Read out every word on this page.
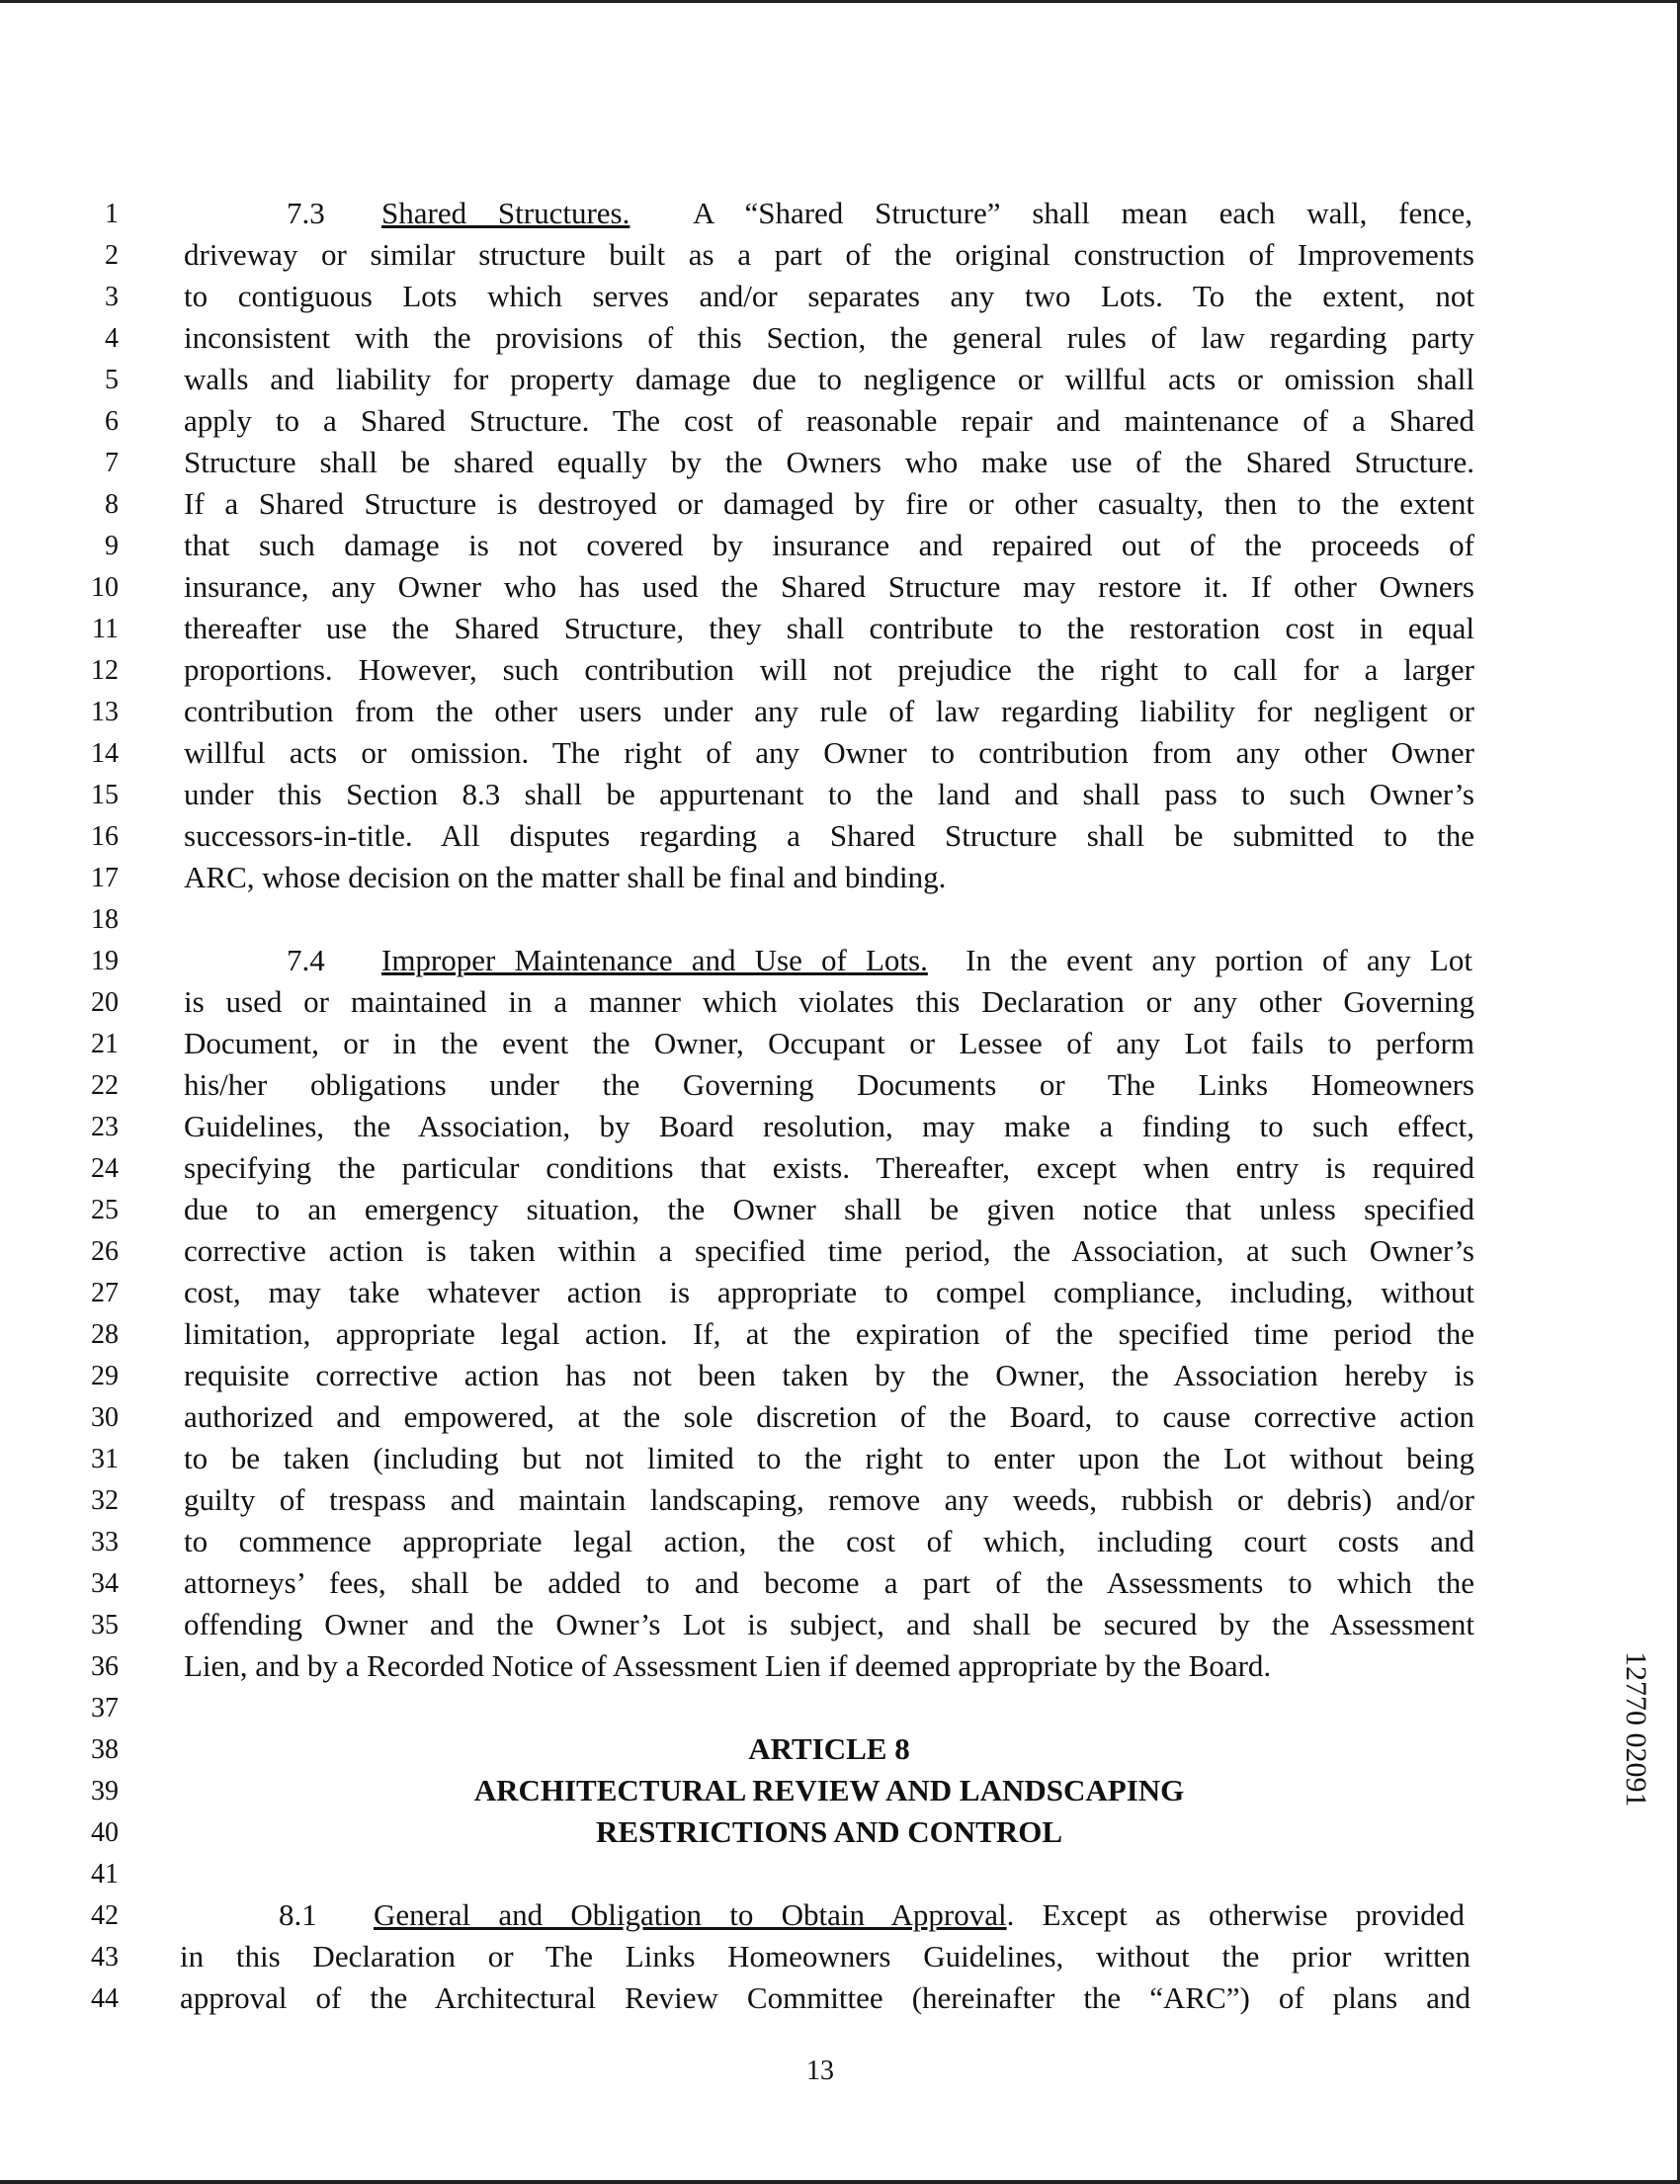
1
2
3
4
5
6
7
8
9
10
11
12
13
14
15
16
17
18
19
20
21
22
23
24
25
26
27
28
29
30
31
32
33
34
35
36
37
38
39
40
41
42
43
44
7.3 Shared Structures. A “Shared Structure” shall mean each wall, fence,
driveway or similar structure built as a part of the original construction of Improvements
to contiguous Lots which serves and/or separates any two Lots. To the extent, not
inconsistent with the provisions of this Section, the general rules of law regarding party
walls and liability for property damage due to negligence or willful acts or omission shall
apply to a Shared Structure. The cost of reasonable repair and maintenance of a Shared
Structure shall be shared equally by the Owners who make use of the Shared Structure.
If a Shared Structure is destroyed or damaged by fire or other casualty, then to the extent
that such damage is not covered by insurance and repaired out of the proceeds of
insurance, any Owner who has used the Shared Structure may restore it. If other Owners
thereafter use the Shared Structure, they shall contribute to the restoration cost in equal
proportions. However, such contribution will not prejudice the right to call for a larger
contribution from the other users under any rule of law regarding liability for negligent or
willful acts or omission. The right of any Owner to contribution from any other Owner
under this Section 8.3 shall be appurtenant to the land and shall pass to such Owner’s
successors-in-title. All disputes regarding a Shared Structure shall be submitted to the
ARC, whose decision on the matter shall be final and binding.
7.4 Improper Maintenance and Use of Lots. In the event any portion of any Lot
is used or maintained in a manner which violates this Declaration or any other Governing
Document, or in the event the Owner, Occupant or Lessee of any Lot fails to perform
his/her obligations under the Governing Documents or The Links Homeowners
Guidelines, the Association, by Board resolution, may make a finding to such effect,
specifying the particular conditions that exists. Thereafter, except when entry is required
due to an emergency situation, the Owner shall be given notice that unless specified
corrective action is taken within a specified time period, the Association, at such Owner’s
cost, may take whatever action is appropriate to compel compliance, including, without
limitation, appropriate legal action. If, at the expiration of the specified time period the
requisite corrective action has not been taken by the Owner, the Association hereby is
authorized and empowered, at the sole discretion of the Board, to cause corrective action
to be taken (including but not limited to the right to enter upon the Lot without being
guilty of trespass and maintain landscaping, remove any weeds, rubbish or debris) and/or
to commence appropriate legal action, the cost of which, including court costs and
attorneys’ fees, shall be added to and become a part of the Assessments to which the
offending Owner and the Owner’s Lot is subject, and shall be secured by the Assessment
Lien, and by a Recorded Notice of Assessment Lien if deemed appropriate by the Board.
ARTICLE 8
ARCHITECTURAL REVIEW AND LANDSCAPING
RESTRICTIONS AND CONTROL
8.1 General and Obligation to Obtain Approval. Except as otherwise provided
in this Declaration or The Links Homeowners Guidelines, without the prior written
approval of the Architectural Review Committee (hereinafter the “ARC”) of plans and
13
12770 02091
